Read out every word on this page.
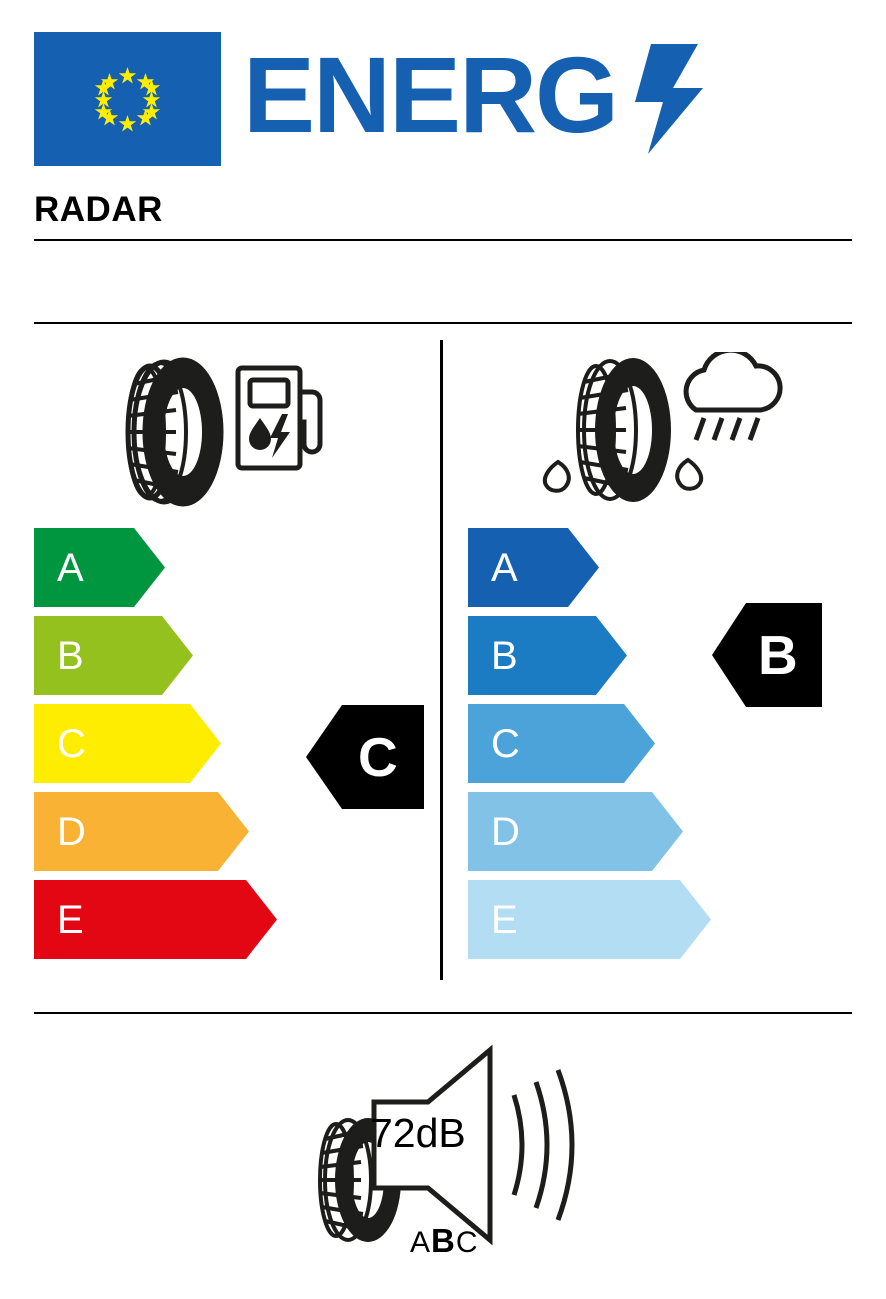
ENERG
RADAR
A
B
C
D
E
A
B
C
D
E
C
B
72dB
ABC
